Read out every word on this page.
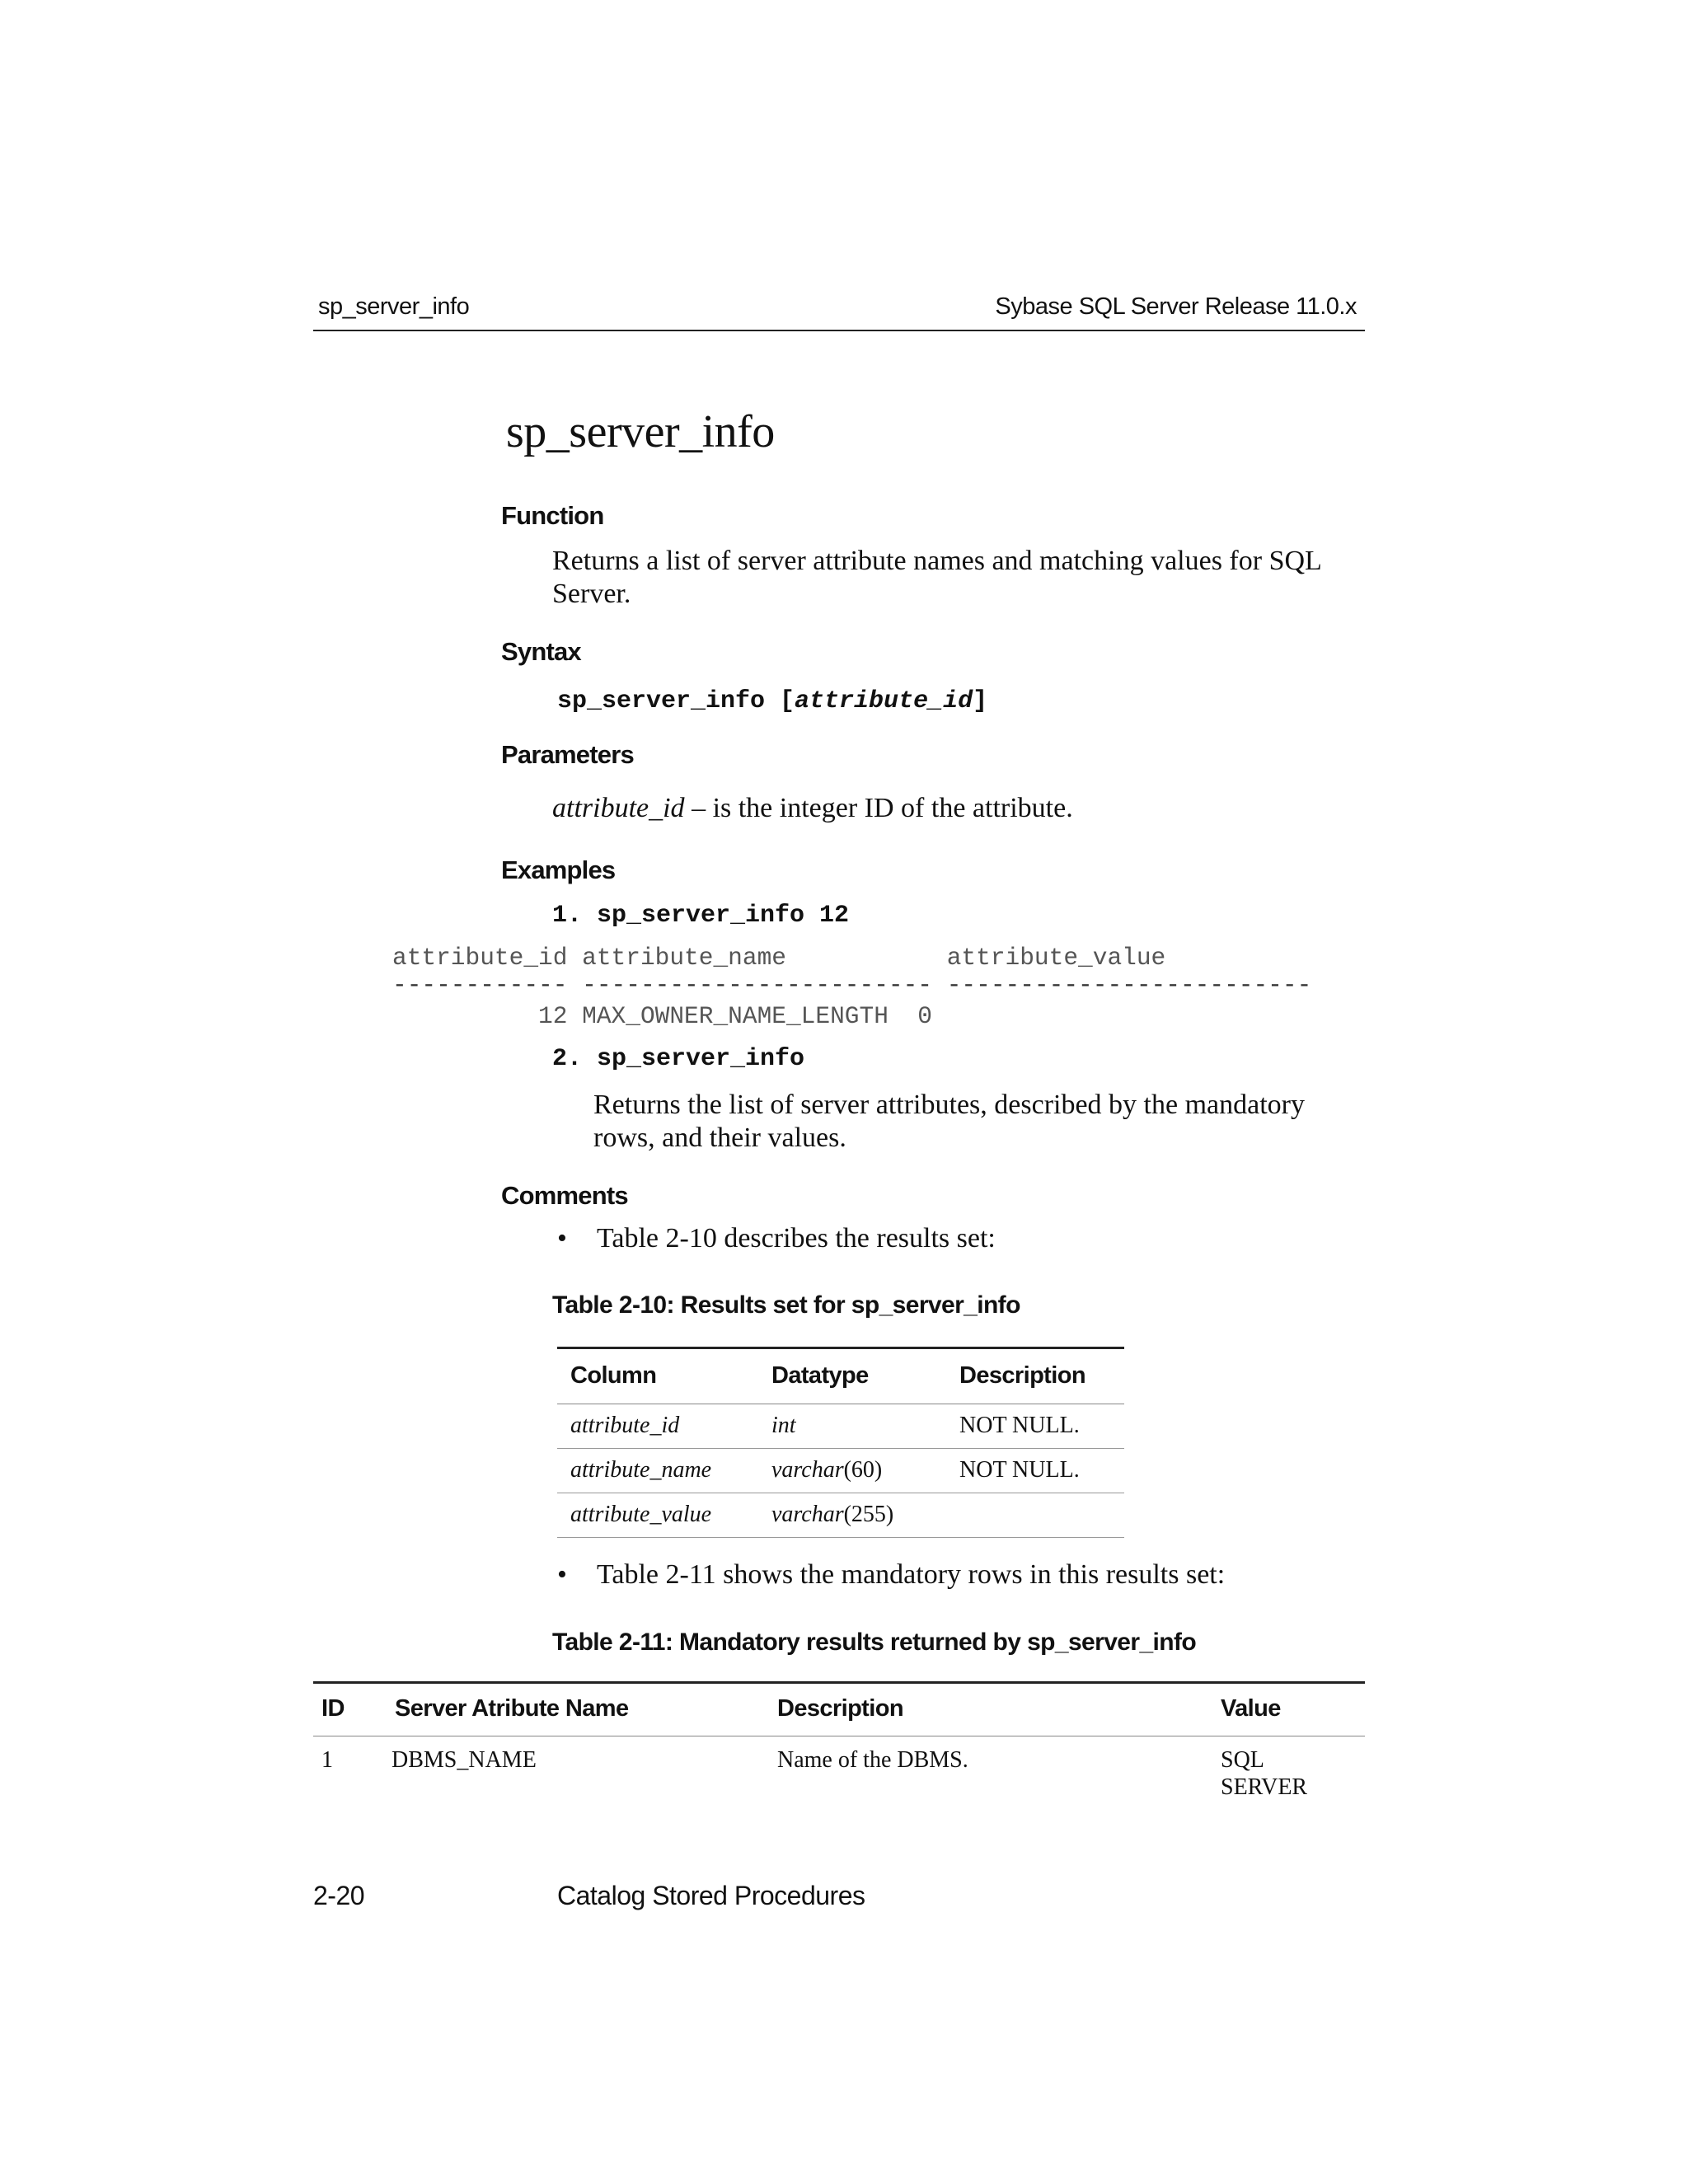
sp_server_info	Sybase SQL Server Release 11.0.x
sp_server_info
Function
Returns a list of server attribute names and matching values for SQL
Server.
Syntax
sp_server_info [attribute_id]
Parameters
attribute_id – is the integer ID of the attribute.
Examples
1. sp_server_info 12
attribute_id attribute_name           attribute_value
------------ ------------------------ -------------------------
12 MAX_OWNER_NAME_LENGTH  0
2. sp_server_info
Returns the list of server attributes, described by the mandatory
rows, and their values.
Comments
• Table 2-10 describes the results set:
Table 2-10: Results set for sp_server_info
Column	Datatype	Description
attribute_id	int	NOT NULL.
attribute_name	varchar(60)	NOT NULL.
attribute_value	varchar(255)	
• Table 2-11 shows the mandatory rows in this results set:
Table 2-11: Mandatory results returned by sp_server_info
ID	Server Atribute Name	Description	Value
1	DBMS_NAME	Name of the DBMS.	SQL
SERVER
2-20	Catalog Stored Procedures
